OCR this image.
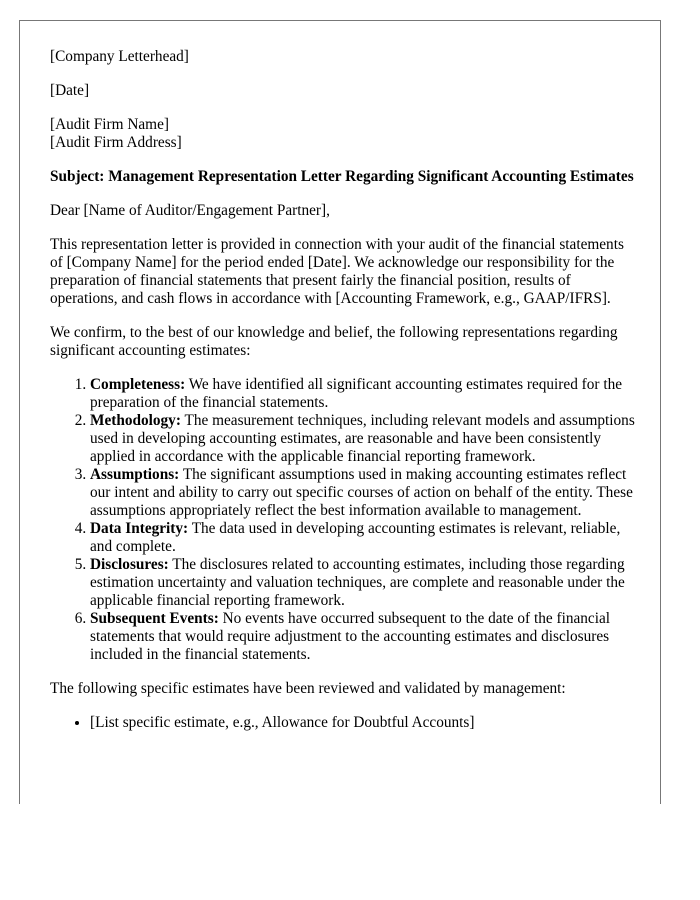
[Company Letterhead]

[Date]

[Audit Firm Name]

[Audit Firm Address]

Subject: Management Representation Letter Regarding Significant Accounting Estimates

Dear [Name of Auditor/Engagement Partner],

This representation letter is provided in connection with your audit of the financial statements of [Company Name] for the period ended [Date]. We acknowledge our responsibility for the preparation of financial statements that present fairly the financial position, results of operations, and cash flows in accordance with [Accounting Framework, e.g., GAAP/IFRS].

We confirm, to the best of our knowledge and belief, the following representations regarding significant accounting estimates:

1. Completeness: We have identified all significant accounting estimates required for the preparation of the financial statements.
2. Methodology: The measurement techniques, including relevant models and assumptions used in developing accounting estimates, are reasonable and have been consistently applied in accordance with the applicable financial reporting framework.
3. Assumptions: The significant assumptions used in making accounting estimates reflect our intent and ability to carry out specific courses of action on behalf of the entity. These assumptions appropriately reflect the best information available to management.
4. Data Integrity: The data used in developing accounting estimates is relevant, reliable, and complete.
5. Disclosures: The disclosures related to accounting estimates, including those regarding estimation uncertainty and valuation techniques, are complete and reasonable under the applicable financial reporting framework.
6. Subsequent Events: No events have occurred subsequent to the date of the financial statements that would require adjustment to the accounting estimates and disclosures included in the financial statements.

The following specific estimates have been reviewed and validated by management:

• [List specific estimate, e.g., Allowance for Doubtful Accounts]
